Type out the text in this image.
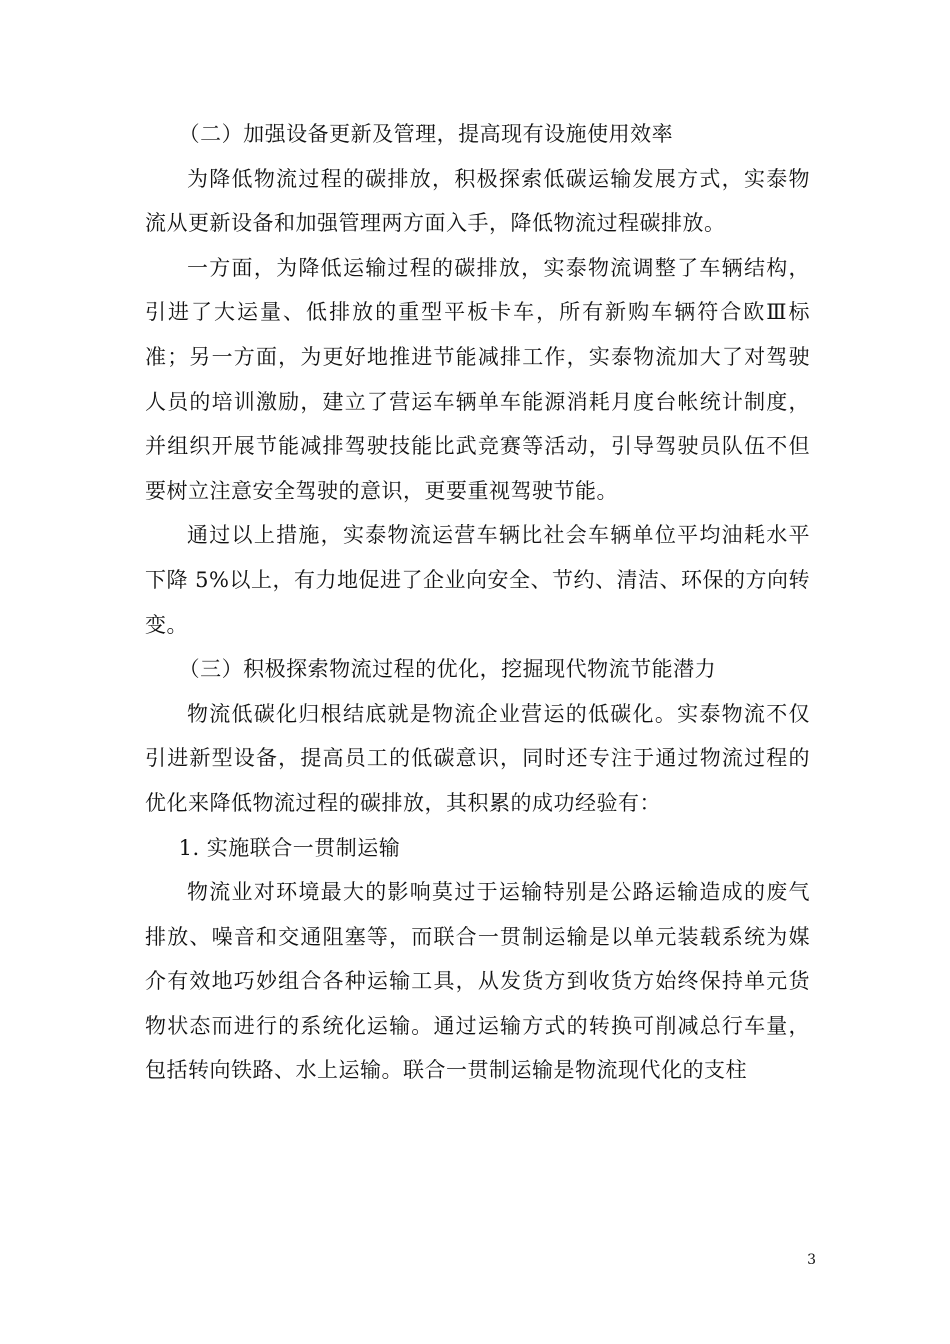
（二）加强设备更新及管理，提高现有设施使用效率

为降低物流过程的碳排放，积极探索低碳运输发展方式，实泰物流从更新设备和加强管理两方面入手，降低物流过程碳排放。

一方面，为降低运输过程的碳排放，实泰物流调整了车辆结构，引进了大运量、低排放的重型平板卡车，所有新购车辆符合欧Ⅲ标准；另一方面，为更好地推进节能减排工作，实泰物流加大了对驾驶人员的培训激励，建立了营运车辆单车能源消耗月度台帐统计制度，并组织开展节能减排驾驶技能比武竞赛等活动，引导驾驶员队伍不但要树立注意安全驾驶的意识，更要重视驾驶节能。

通过以上措施，实泰物流运营车辆比社会车辆单位平均油耗水平下降 5%以上，有力地促进了企业向安全、节约、清洁、环保的方向转变。

（三）积极探索物流过程的优化，挖掘现代物流节能潜力

物流低碳化归根结底就是物流企业营运的低碳化。实泰物流不仅引进新型设备，提高员工的低碳意识，同时还专注于通过物流过程的优化来降低物流过程的碳排放，其积累的成功经验有：

1. 实施联合一贯制运输

物流业对环境最大的影响莫过于运输特别是公路运输造成的废气排放、噪音和交通阻塞等，而联合一贯制运输是以单元装载系统为媒介有效地巧妙组合各种运输工具，从发货方到收货方始终保持单元货物状态而进行的系统化运输。通过运输方式的转换可削减总行车量，包括转向铁路、水上运输。联合一贯制运输是物流现代化的支柱

3
